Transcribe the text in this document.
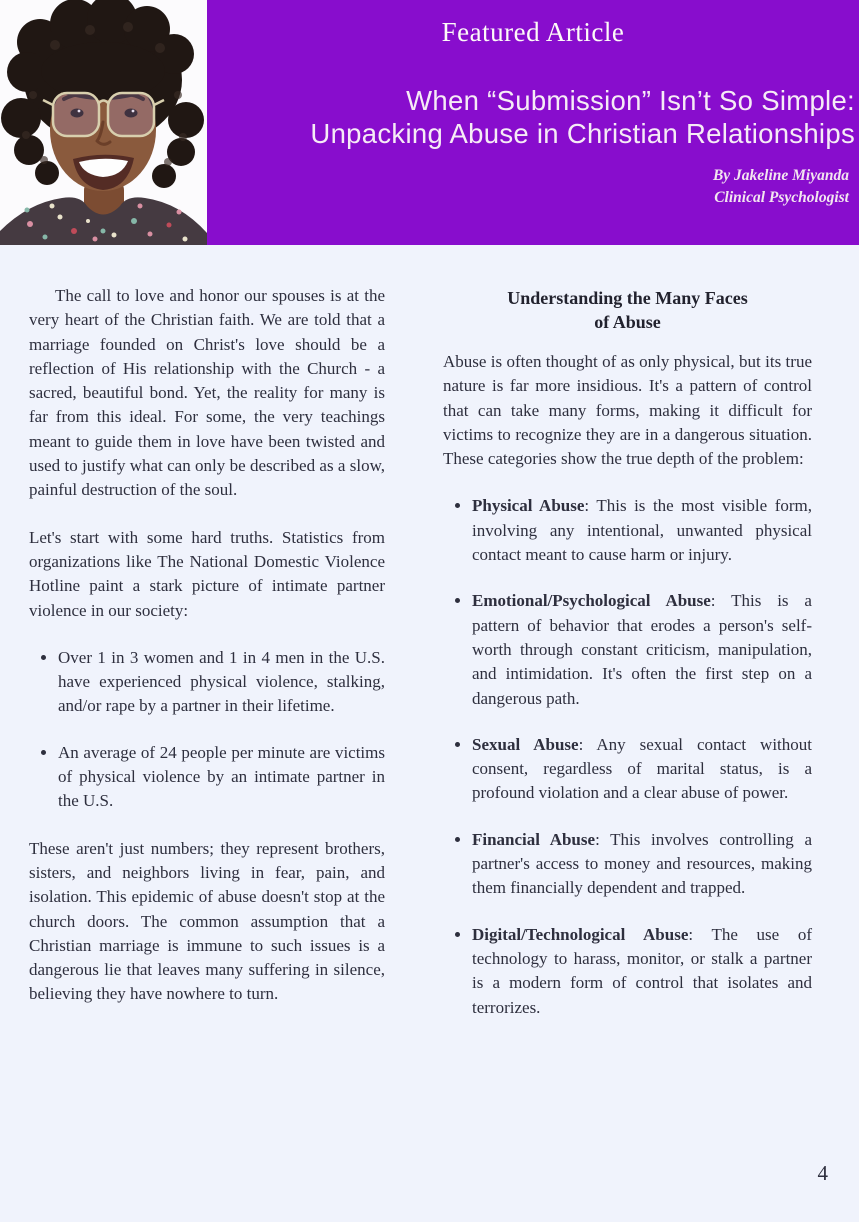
Featured Article
When “Submission” Isn’t So Simple:
Unpacking Abuse in Christian Relationships
By Jakeline Miyanda
Clinical Psychologist

The call to love and honor our spouses is at the very heart of the Christian faith. We are told that a marriage founded on Christ's love should be a reflection of His relationship with the Church - a sacred, beautiful bond. Yet, the reality for many is far from this ideal. For some, the very teachings meant to guide them in love have been twisted and used to justify what can only be described as a slow, painful destruction of the soul.

Let's start with some hard truths. Statistics from organizations like The National Domestic Violence Hotline paint a stark picture of intimate partner violence in our society:

• Over 1 in 3 women and 1 in 4 men in the U.S. have experienced physical violence, stalking, and/or rape by a partner in their lifetime.
• An average of 24 people per minute are victims of physical violence by an intimate partner in the U.S.

These aren't just numbers; they represent brothers, sisters, and neighbors living in fear, pain, and isolation. This epidemic of abuse doesn't stop at the church doors. The common assumption that a Christian marriage is immune to such issues is a dangerous lie that leaves many suffering in silence, believing they have nowhere to turn.

Understanding the Many Faces
of Abuse

Abuse is often thought of as only physical, but its true nature is far more insidious. It's a pattern of control that can take many forms, making it difficult for victims to recognize they are in a dangerous situation. These categories show the true depth of the problem:

• Physical Abuse: This is the most visible form, involving any intentional, unwanted physical contact meant to cause harm or injury.
• Emotional/Psychological Abuse: This is a pattern of behavior that erodes a person's self-worth through constant criticism, manipulation, and intimidation. It's often the first step on a dangerous path.
• Sexual Abuse: Any sexual contact without consent, regardless of marital status, is a profound violation and a clear abuse of power.
• Financial Abuse: This involves controlling a partner's access to money and resources, making them financially dependent and trapped.
• Digital/Technological Abuse: The use of technology to harass, monitor, or stalk a partner is a modern form of control that isolates and terrorizes.
4
